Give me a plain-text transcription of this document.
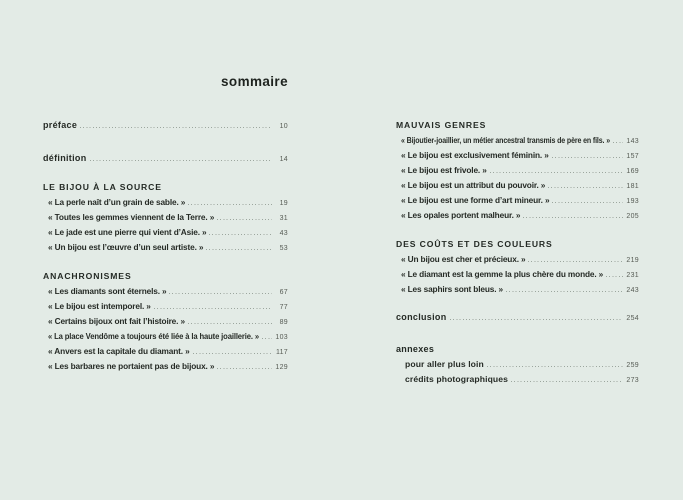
sommaire
préface	10
définition	14
LE BIJOU À LA SOURCE
« La perle naît d’un grain de sable. »	19
« Toutes les gemmes viennent de la Terre. »	31
« Le jade est une pierre qui vient d’Asie. »	43
« Un bijou est l’œuvre d’un seul artiste. »	53
ANACHRONISMES
« Les diamants sont éternels. »	67
« Le bijou est intemporel. »	77
« Certains bijoux ont fait l’histoire. »	89
« La place Vendôme a toujours été liée à la haute joaillerie. » 103
« Anvers est la capitale du diamant. »	117
« Les barbares ne portaient pas de bijoux. »	129
MAUVAIS GENRES
« Bijoutier-joaillier, un métier ancestral transmis de père en fils. » 143
« Le bijou est exclusivement féminin. »	157
« Le bijou est frivole. »	169
« Le bijou est un attribut du pouvoir. »	181
« Le bijou est une forme d’art mineur. »	193
« Les opales portent malheur. »	205
DES COÛTS ET DES COULEURS
« Un bijou est cher et précieux. »	219
« Le diamant est la gemme la plus chère du monde. »	231
« Les saphirs sont bleus. »	243
conclusion	254
annexes
pour aller plus loin	259
crédits photographiques	273
